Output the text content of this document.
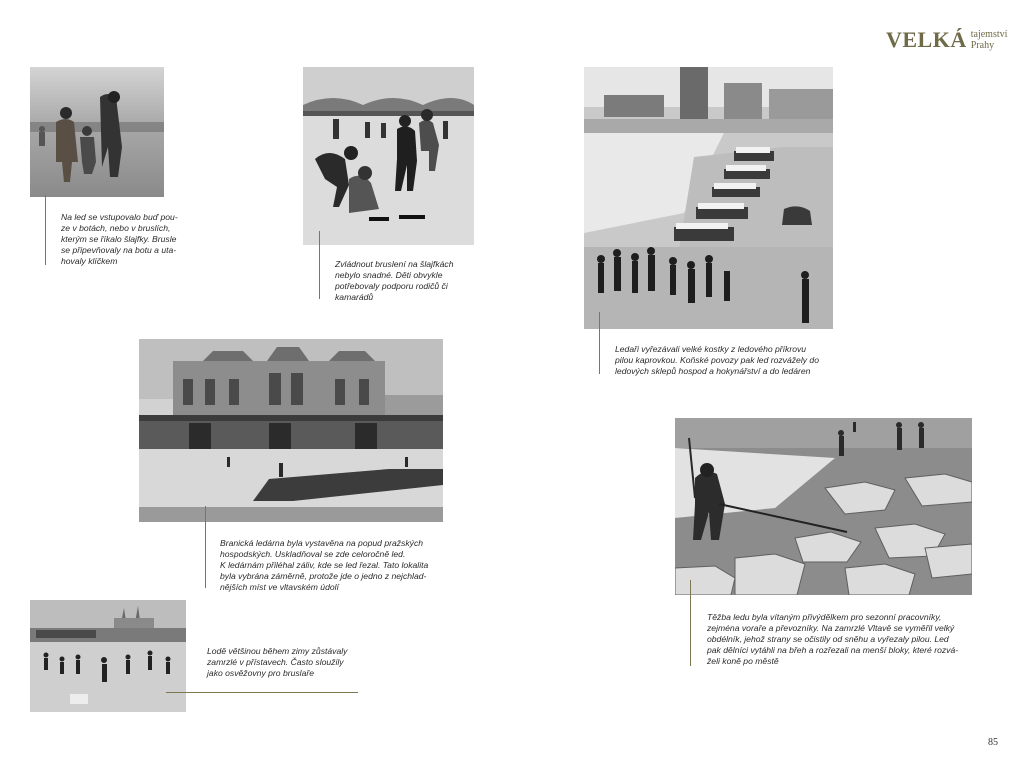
VELKÁ tajemství
Prahy
Na led se vstupovalo buď pou-
ze v botách, nebo v bruslích,
kterým se říkalo šlajfky. Brusle
se připevňovaly na botu a uta-
hovaly klíčkem	Zvládnout bruslení na šlajfkách
nebylo snadné. Děti obvykle
potřebovaly podporu rodičů či
kamarádů
Ledaři vyřezávali velké kostky z ledového příkrovu
pilou kaprovkou. Koňské povozy pak led rozvážely do
ledových sklepů hospod a hokynářství a do ledáren
Branická ledárna byla vystavěna na popud pražských
hospodských. Uskladňoval se zde celoročně led.
K ledárnám přiléhal záliv, kde se led řezal. Tato lokalita
byla vybrána záměrně, protože jde o jedno z nejchlad-
nějších míst ve vltavském údolí
Lodě většinou během zimy zůstávaly
zamrzlé v přístavech. Často sloužily
jako osvěžovny pro bruslaře
Těžba ledu byla vítaným přivýdělkem pro sezonní pracovníky,
zejména voraře a převozníky. Na zamrzlé Vltavě se vyměřil velký
obdélník, jehož strany se očistily od sněhu a vyřezaly pilou. Led
pak dělníci vytáhli na břeh a rozřezali na menší bloky, které rozvá-
želi koně po městě
85
